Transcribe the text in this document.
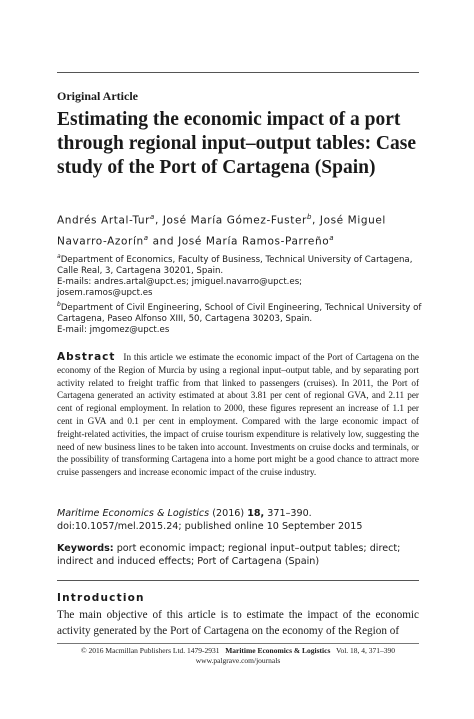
Original Article
Estimating the economic impact of a port through regional input–output tables: Case study of the Port of Cartagena (Spain)
Andrés Artal-Tur$^a$, José María Gómez-Fuster$^b$, José Miguel Navarro-Azorín$^a$ and José María Ramos-Parreño$^a$

$^a$Department of Economics, Faculty of Business, Technical University of Cartagena, Calle Real, 3, Cartagena 30201, Spain.

E-mails: andres.artal@upct.es; jmiguel.navarro@upct.es;

josem.ramos@upct.es

$^b$Department of Civil Engineering, School of Civil Engineering, Technical University of Cartagena, Paseo Alfonso XIII, 50, Cartagena 30203, Spain.

E-mail: jmgomez@upct.es

Abstract In this article we estimate the economic impact of the Port of Cartagena on the economy of the Region of Murcia by using a regional input–output table, and by separating port activity related to freight traffic from that linked to passengers (cruises). In 2011, the Port of Cartagena generated an activity estimated at about 3.81 per cent of regional GVA, and 2.11 per cent of regional employment. In relation to 2000, these figures represent an increase of 1.1 per cent in GVA and 0.1 per cent in employment. Compared with the large economic impact of freight-related activities, the impact of cruise tourism expenditure is relatively low, suggesting the need of new business lines to be taken into account. Investments on cruise docks and terminals, or the possibility of transforming Cartagena into a home port might be a good chance to attract more cruise passengers and increase economic impact of the cruise industry.
Maritime Economics & Logistics (2016) 18, 371–390. doi:10.1057/mel.2015.24; published online 10 September 2015
Keywords: port economic impact; regional input–output tables; direct; indirect and induced effects; Port of Cartagena (Spain)
Introduction
The main objective of this article is to estimate the impact of the economic activity generated by the Port of Cartagena on the economy of the Region of
© 2016 Macmillan Publishers Ltd. 1479-2931 Maritime Economics & Logistics Vol. 18, 4, 371–390
www.palgrave.com/journals
